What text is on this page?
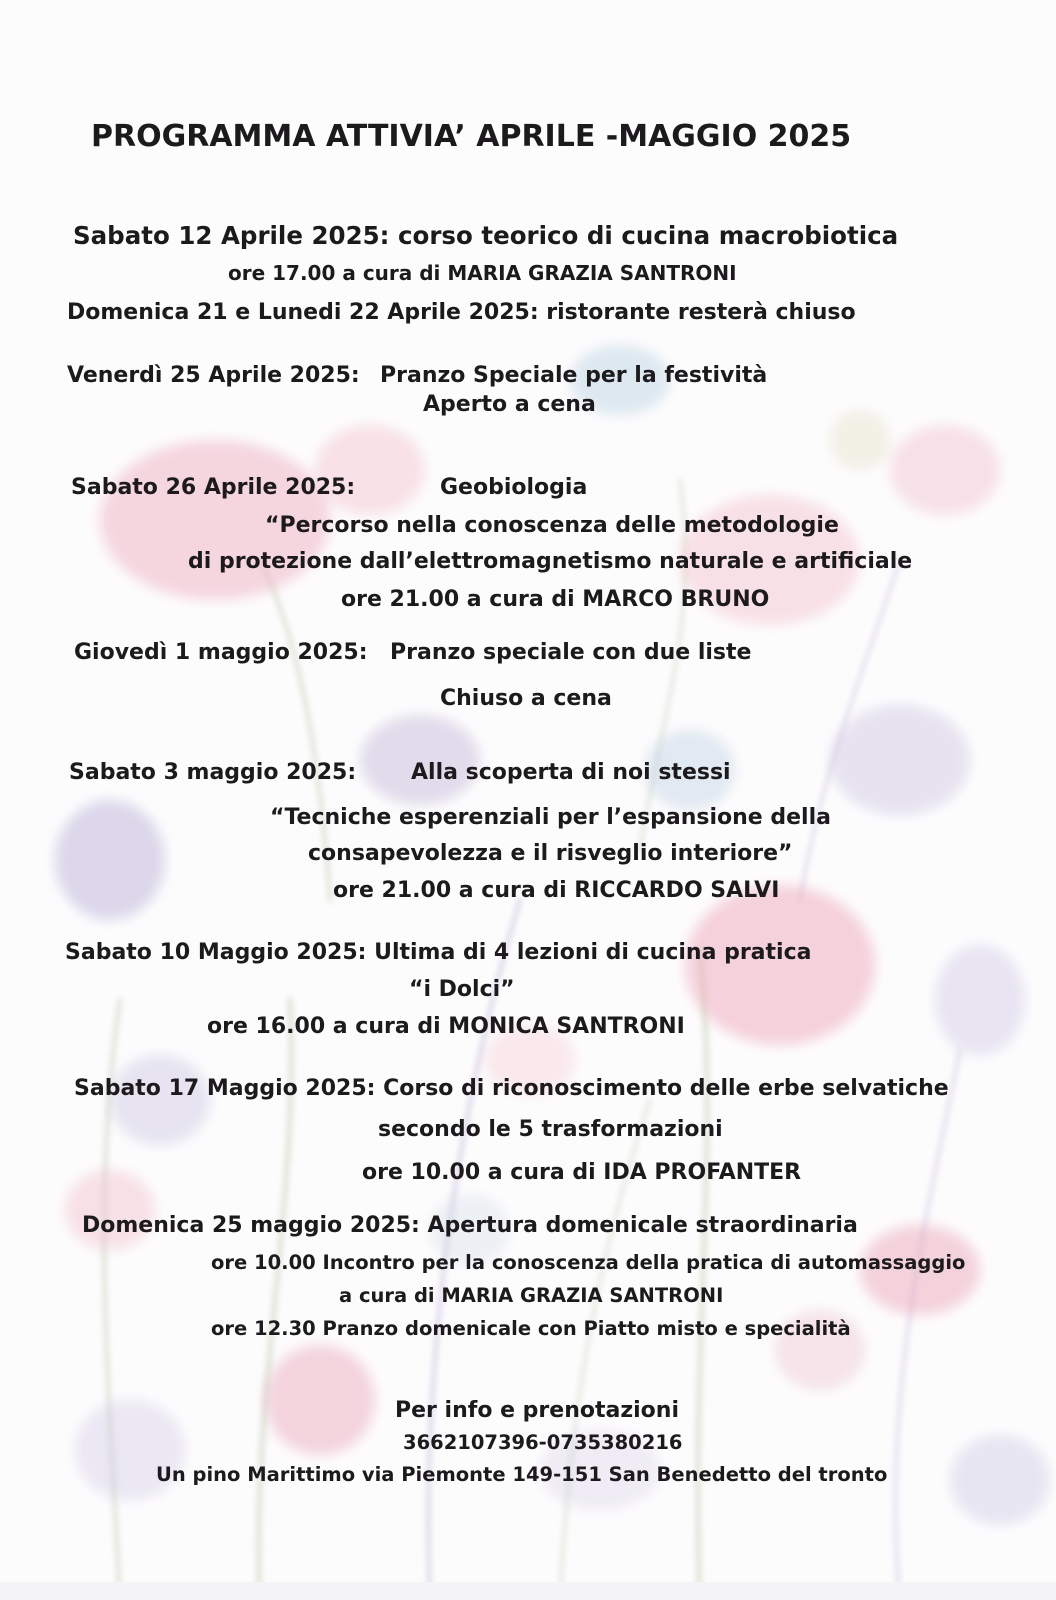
PROGRAMMA ATTIVIA’ APRILE -MAGGIO 2025

Sabato 12 Aprile 2025: corso teorico di cucina macrobiotica

ore 17.00 a cura di MARIA GRAZIA SANTRONI

Domenica 21 e Lunedi 22 Aprile 2025: ristorante resterà chiuso

Venerdì 25 Aprile 2025: Pranzo Speciale per la festività

Aperto a cena

Sabato 26 Aprile 2025:	Geobiologia

“Percorso nella conoscenza delle metodologie

di protezione dall’elettromagnetismo naturale e artificiale

ore 21.00 a cura di MARCO BRUNO

Giovedì 1 maggio 2025: Pranzo speciale con due liste

Chiuso a cena

Sabato 3 maggio 2025: Alla scoperta di noi stessi

“Tecniche esperenziali per l’espansione della

consapevolezza e il risveglio interiore”

ore 21.00 a cura di RICCARDO SALVI

Sabato 10 Maggio 2025: Ultima di 4 lezioni di cucina pratica

“i Dolci”

ore 16.00 a cura di MONICA SANTRONI

Sabato 17 Maggio 2025: Corso di riconoscimento delle erbe selvatiche

secondo le 5 trasformazioni

ore 10.00 a cura di IDA PROFANTER

Domenica 25 maggio 2025: Apertura domenicale straordinaria

ore 10.00 Incontro per la conoscenza della pratica di automassaggio

a cura di MARIA GRAZIA SANTRONI

ore 12.30 Pranzo domenicale con Piatto misto e specialità

Per info e prenotazioni

3662107396-0735380216

Un pino Marittimo via Piemonte 149-151 San Benedetto del tronto
